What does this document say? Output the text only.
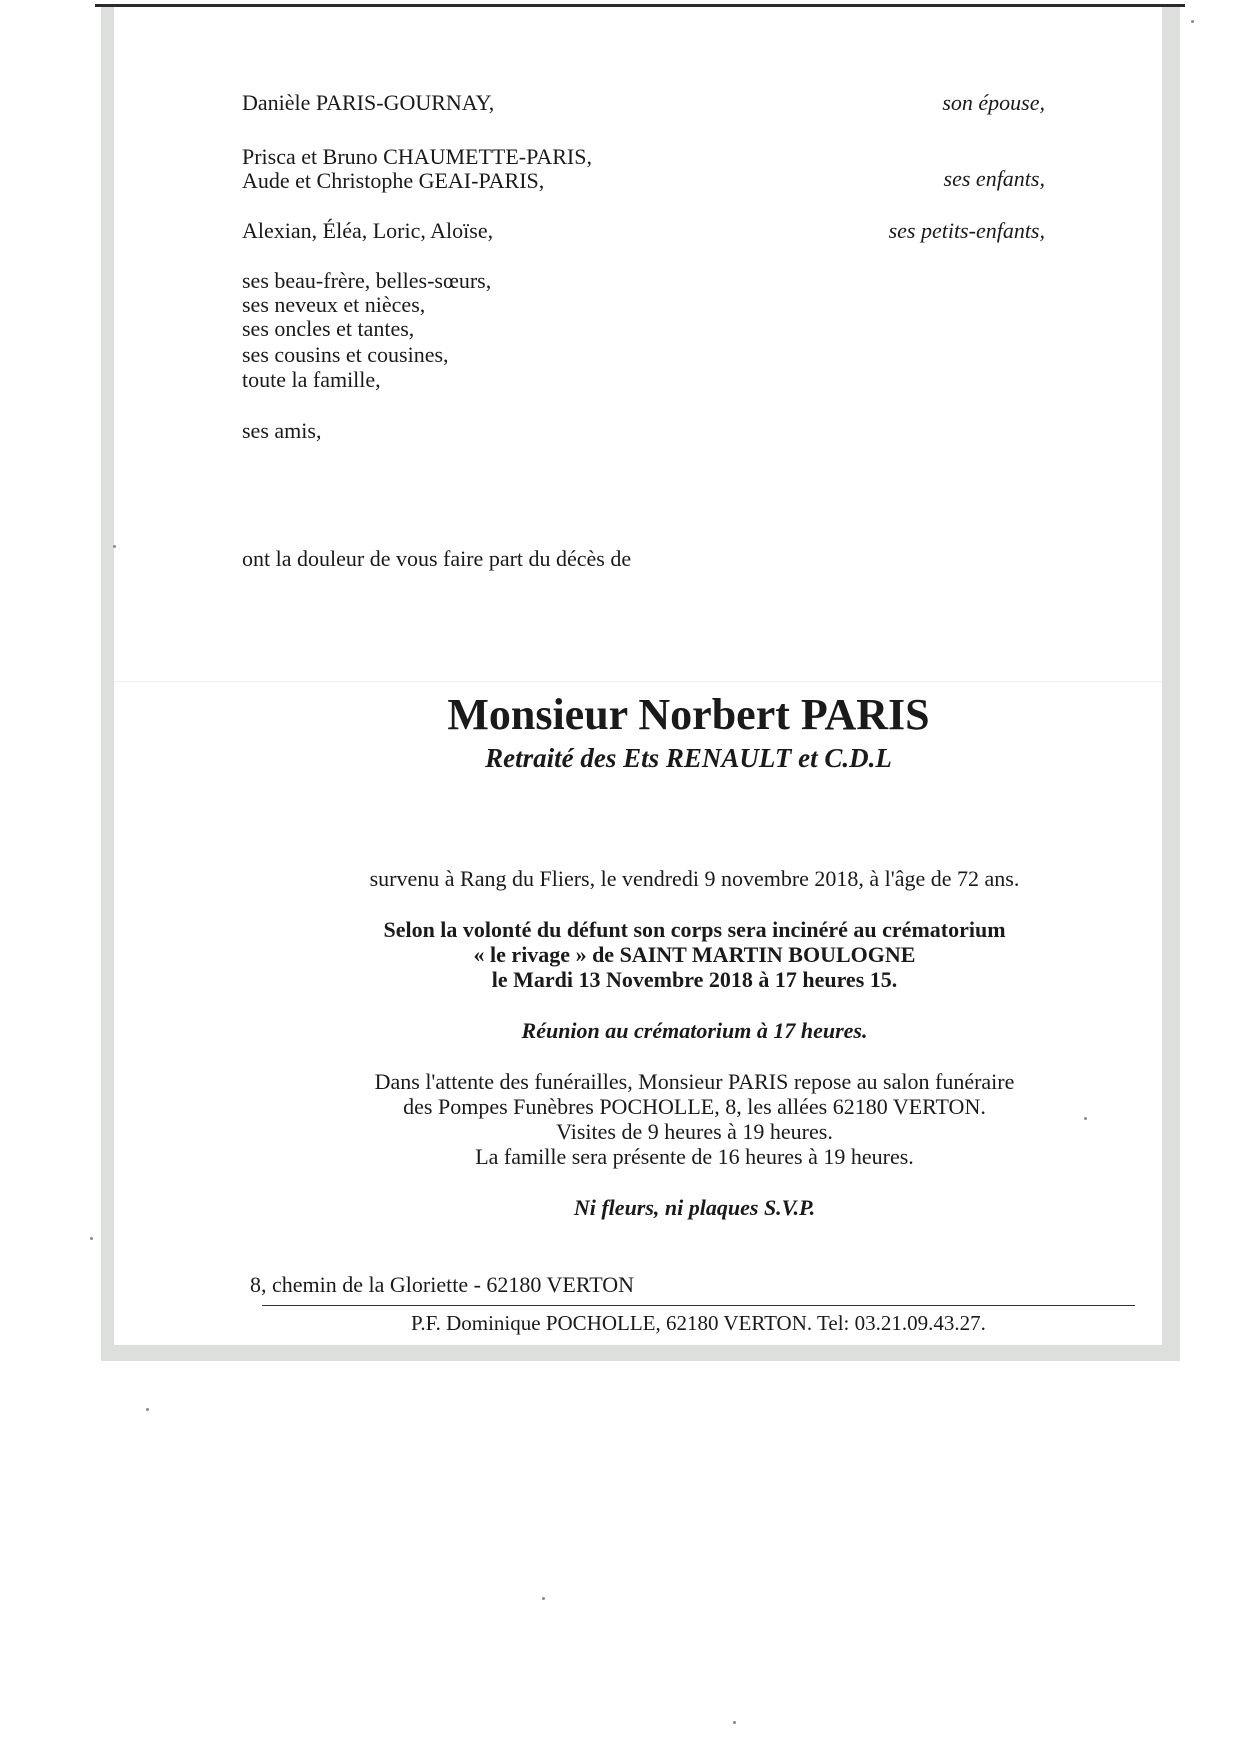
Danièle PARIS-GOURNAY,	son épouse,
Prisca et Bruno CHAUMETTE-PARIS,
Aude et Christophe GEAI-PARIS,	ses enfants,
Alexian, Éléa, Loric, Aloïse,	ses petits-enfants,
ses beau-frère, belles-sœurs,
ses neveux et nièces,
ses oncles et tantes,
ses cousins et cousines,
toute la famille,
ses amis,
ont la douleur de vous faire part du décès de
Monsieur Norbert PARIS
Retraité des Ets RENAULT et C.D.L
survenu à Rang du Fliers, le vendredi 9 novembre 2018, à l'âge de 72 ans.
Selon la volonté du défunt son corps sera incinéré au crématorium
« le rivage » de SAINT MARTIN BOULOGNE
le Mardi 13 Novembre 2018 à 17 heures 15.
Réunion au crématorium à 17 heures.
Dans l'attente des funérailles, Monsieur PARIS repose au salon funéraire
des Pompes Funèbres POCHOLLE, 8, les allées 62180 VERTON.
Visites de 9 heures à 19 heures.
La famille sera présente de 16 heures à 19 heures.
Ni fleurs, ni plaques S.V.P.
8, chemin de la Gloriette - 62180 VERTON
P.F. Dominique POCHOLLE, 62180 VERTON. Tel: 03.21.09.43.27.
